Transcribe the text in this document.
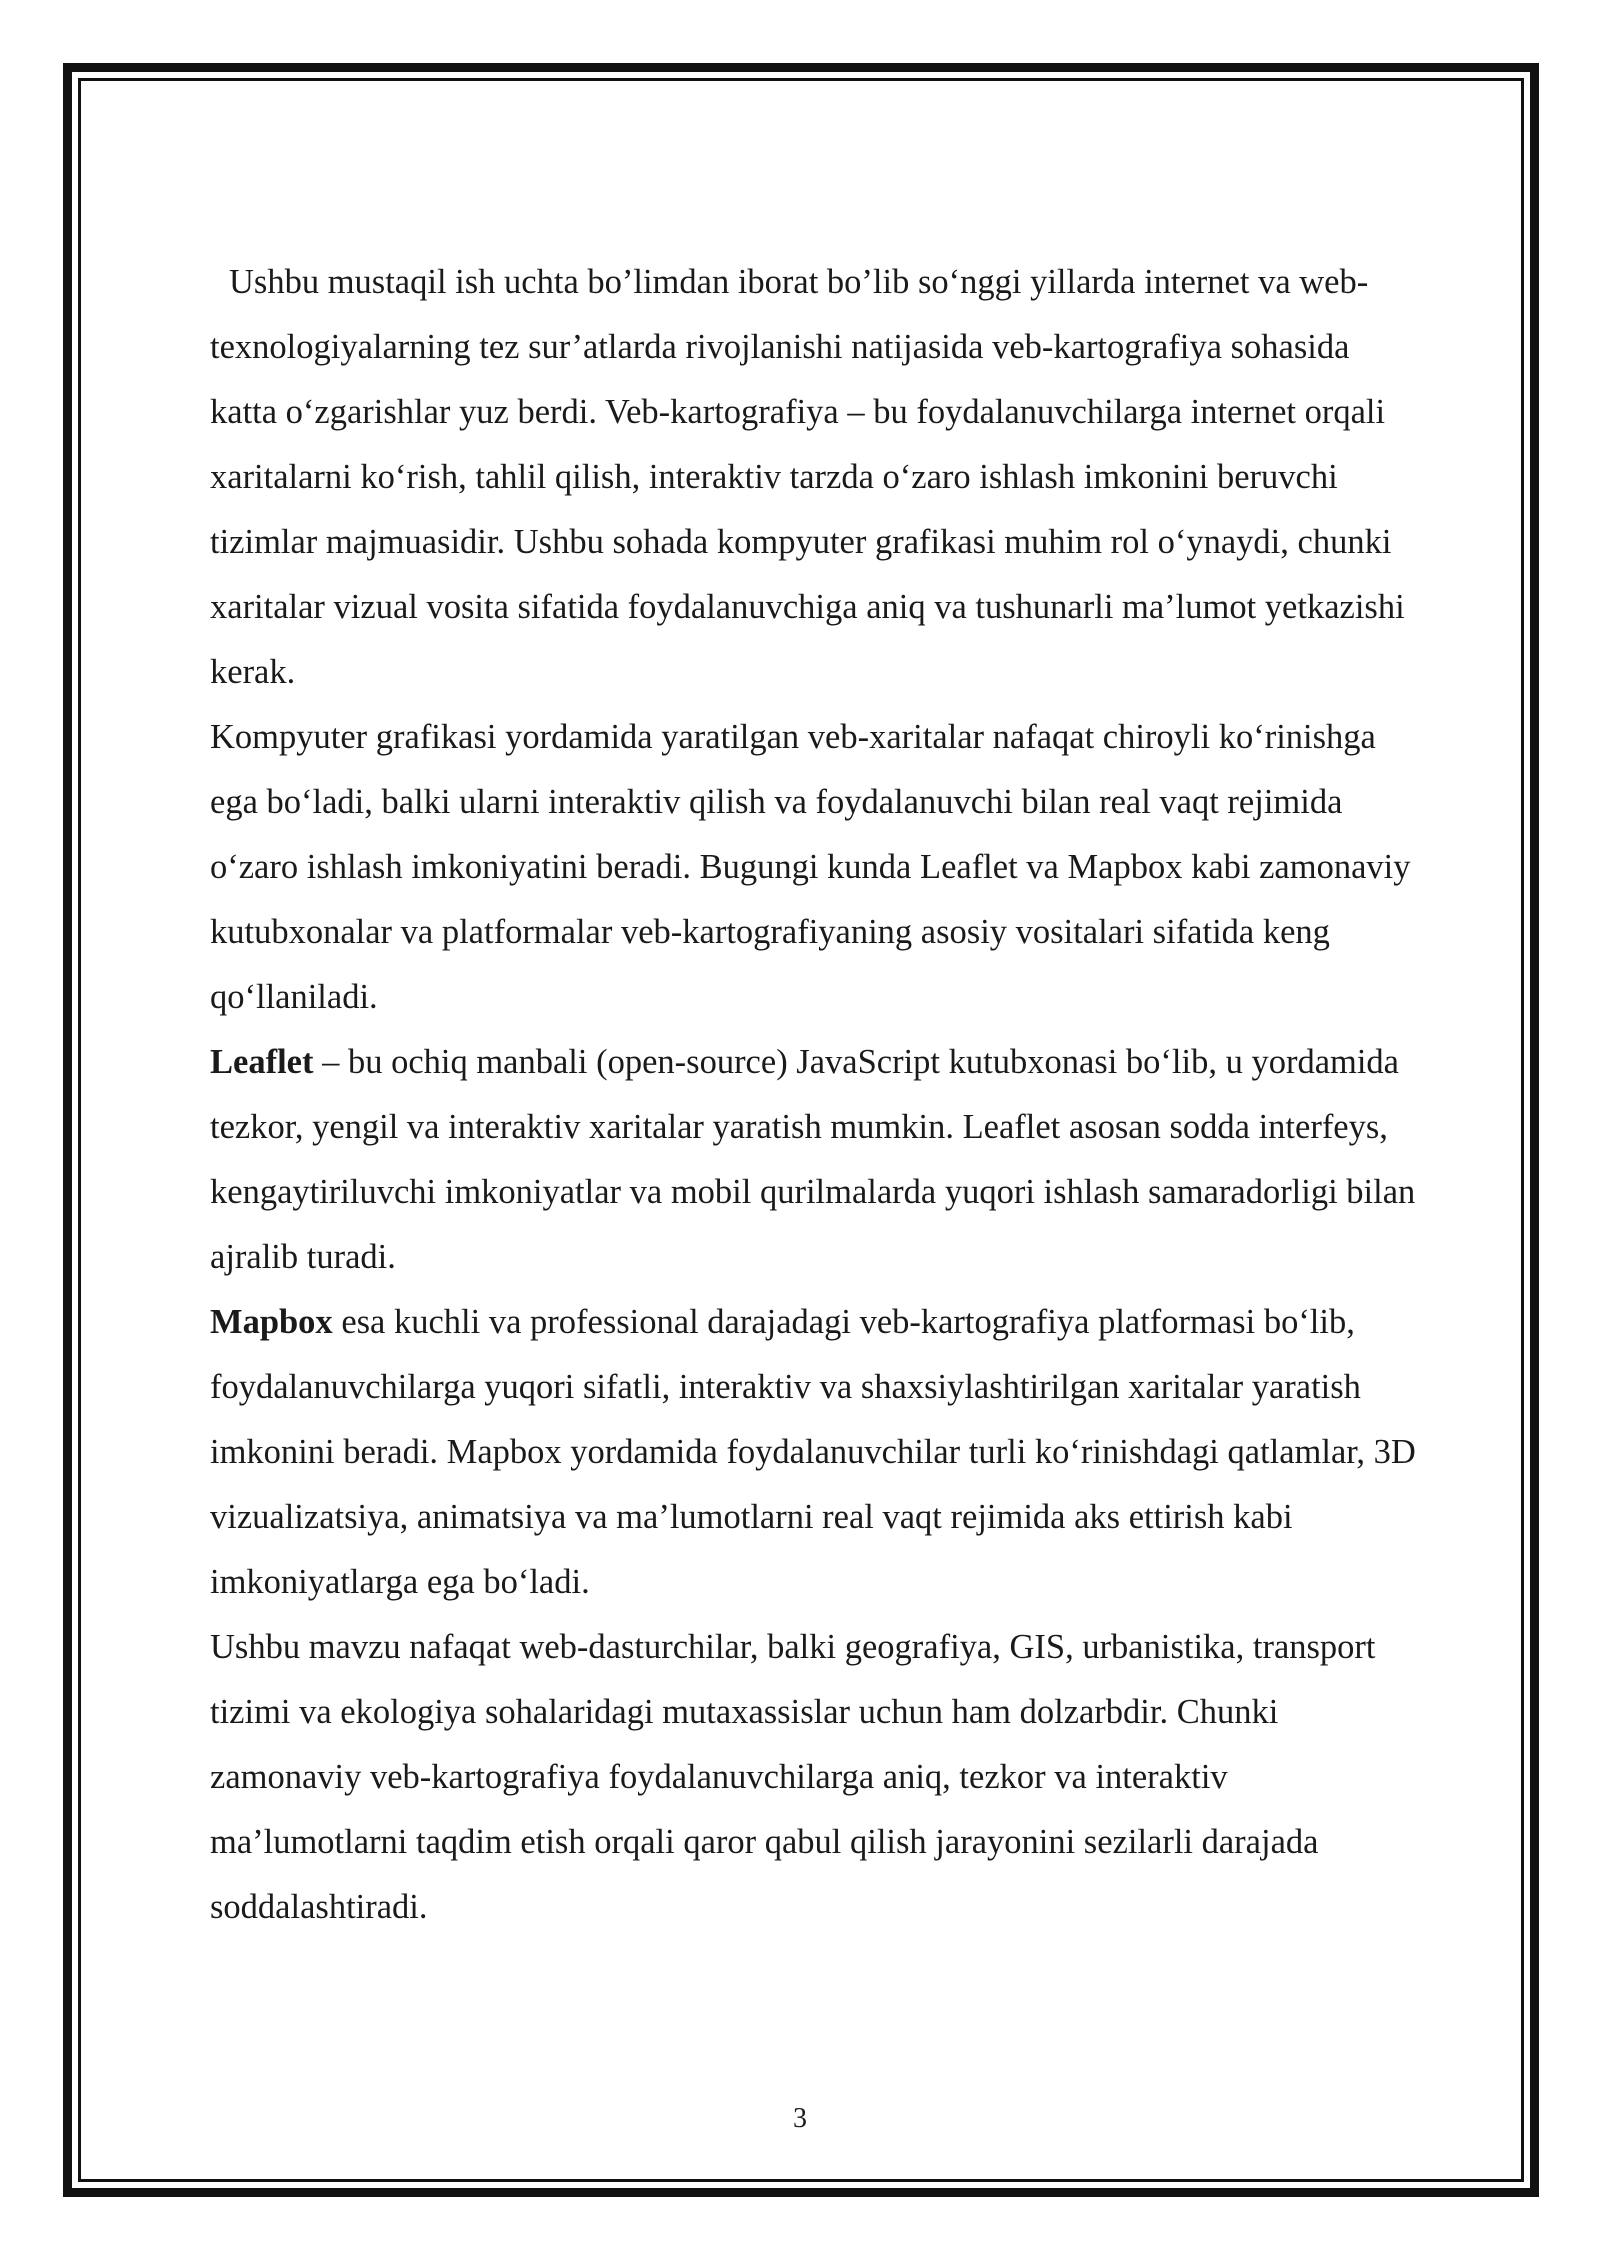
Ushbu mustaqil ish uchta bo’limdan iborat bo’lib so‘nggi yillarda internet va web-texnologiyalarning tez sur’atlarda rivojlanishi natijasida veb-kartografiya sohasida katta o‘zgarishlar yuz berdi. Veb-kartografiya – bu foydalanuvchilarga internet orqali xaritalarni ko‘rish, tahlil qilish, interaktiv tarzda o‘zaro ishlash imkonini beruvchi tizimlar majmuasidir. Ushbu sohada kompyuter grafikasi muhim rol o‘ynaydi, chunki xaritalar vizual vosita sifatida foydalanuvchiga aniq va tushunarli ma’lumot yetkazishi kerak.

Kompyuter grafikasi yordamida yaratilgan veb-xaritalar nafaqat chiroyli ko‘rinishga ega bo‘ladi, balki ularni interaktiv qilish va foydalanuvchi bilan real vaqt rejimida o‘zaro ishlash imkoniyatini beradi. Bugungi kunda Leaflet va Mapbox kabi zamonaviy kutubxonalar va platformalar veb-kartografiyaning asosiy vositalari sifatida keng qo‘llaniladi.

Leaflet – bu ochiq manbali (open-source) JavaScript kutubxonasi bo‘lib, u yordamida tezkor, yengil va interaktiv xaritalar yaratish mumkin. Leaflet asosan sodda interfeys, kengaytiriluvchi imkoniyatlar va mobil qurilmalarda yuqori ishlash samaradorligi bilan ajralib turadi.

Mapbox esa kuchli va professional darajadagi veb-kartografiya platformasi bo‘lib, foydalanuvchilarga yuqori sifatli, interaktiv va shaxsiylashtirilgan xaritalar yaratish imkonini beradi. Mapbox yordamida foydalanuvchilar turli ko‘rinishdagi qatlamlar, 3D vizualizatsiya, animatsiya va ma’lumotlarni real vaqt rejimida aks ettirish kabi imkoniyatlarga ega bo‘ladi.

Ushbu mavzu nafaqat web-dasturchilar, balki geografiya, GIS, urbanistika, transport tizimi va ekologiya sohalaridagi mutaxassislar uchun ham dolzarbdir. Chunki zamonaviy veb-kartografiya foydalanuvchilarga aniq, tezkor va interaktiv ma’lumotlarni taqdim etish orqali qaror qabul qilish jarayonini sezilarli darajada soddalashtiradi.

3
